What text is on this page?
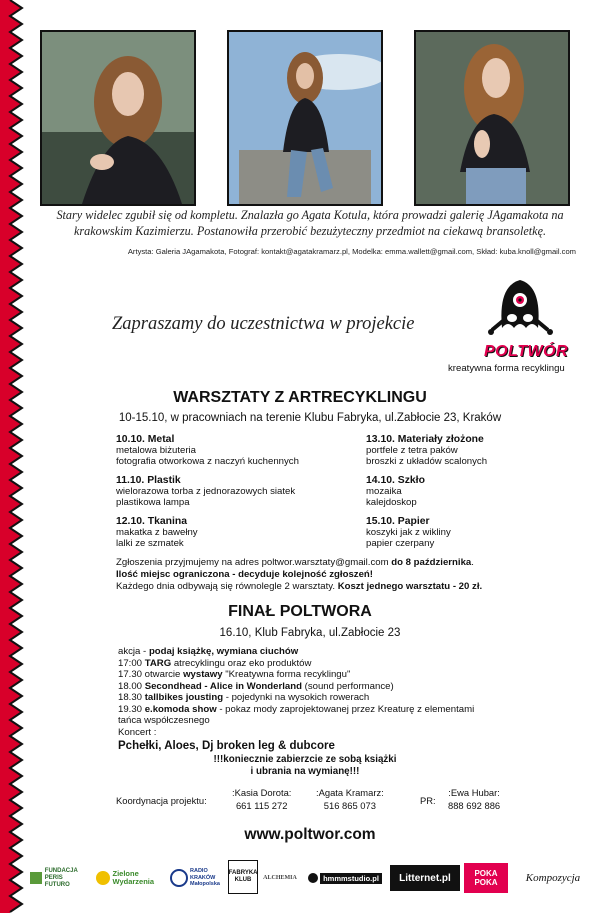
Stary widelec zgubił się od kompletu. Znalazła go Agata Kotula, która prowadzi galerię JAgamakota na krakowskim Kazimierzu. Postanowiła przerobić bezużyteczny przedmiot na ciekawą bransoletkę.
Artysta: Galeria JAgamakota, Fotograf: kontakt@agatakramarz.pl, Modelka: emma.wallett@gmail.com, Skład: kuba.knoll@gmail.com
Zapraszamy do uczestnictwa w projekcie
POLTWÓR
kreatywna forma recyklingu
WARSZTATY Z ARTRECYKLINGU
10-15.10, w pracowniach na terenie Klubu Fabryka, ul.Zabłocie 23, Kraków
10.10. Metal
metalowa biżuteria
fotografia otworkowa z naczyń kuchennych
11.10. Plastik
wielorazowa torba z jednorazowych siatek
plastikowa lampa
12.10. Tkanina
makatka z bawełny
lalki ze szmatek
13.10. Materiały złożone
portfele z tetra paków
broszki z układów scalonych
14.10. Szkło
mozaika
kalejdoskop
15.10. Papier
koszyki jak z wikliny
papier czerpany
Zgłoszenia przyjmujemy na adres poltwor.warsztaty@gmail.com do 8 października.
Ilość miejsc ograniczona - decyduje kolejność zgłoszeń!
Każdego dnia odbywają się równolegle 2 warsztaty. Koszt jednego warsztatu - 20 zł.
FINAŁ POLTWORA
16.10, Klub Fabryka, ul.Zabłocie 23
akcja - podaj książkę, wymiana ciuchów
17:00 TARG atrecyklingu oraz eko produktów
17.30 otwarcie wystawy "Kreatywna forma recyklingu"
18.00 Secondhead - Alice in Wonderland (sound performance)
18.30 tallbikes jousting - pojedynki na wysokich rowerach
19.30 e.komoda show - pokaz mody zaprojektowanej przez Kreaturę z elementami
tańca współczesnego
Koncert :
Pchełki, Aloes, Dj broken leg & dubcore
!!!koniecznie zabierzcie ze sobą książki
i ubrania na wymianę!!!
Koordynacja projektu:
:Kasia Dorota:
661 115 272
:Agata Kramarz:
516 865 073	PR:
:Ewa Hubar:
888 692 886
www.poltwor.com
FUNDACJA PERIS FUTURO
Zielone Wydarzenia
RADIO KRAKÓW Małopolska
FABRYKA KLUB	ALCHEMIA	hmmmstudio.pl	Litternet.pl	POKA POKA	Kompozycja
